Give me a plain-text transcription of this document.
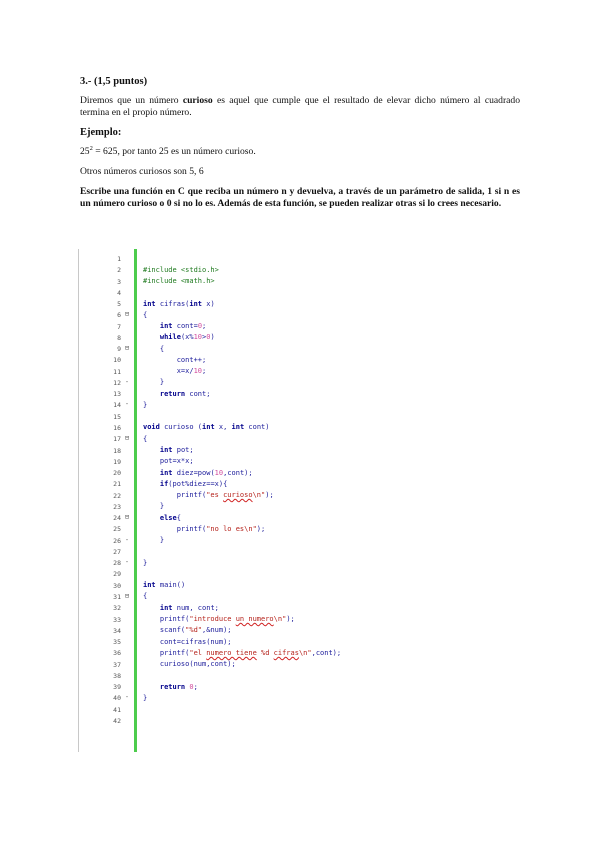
3.- (1,5 puntos)

Diremos que un número curioso es aquel que cumple que el resultado de elevar dicho número al cuadrado termina en el propio número.

Ejemplo:

$25^2 = 625$, por tanto 25 es un número curioso.

Otros números curiosos son 5, 6

Escribe una función en C que reciba un número n y devuelva, a través de un parámetro de salida, 1 si n es un número curioso o 0 si no lo es. Además de esta función, se pueden realizar otras si lo crees necesario.

1
2	#include <stdio.h>
3	#include <math.h>
4
5	int cifras(int x)
6 ⊟ {
7	int cont=0;
8	while(x%10>0)
9 ⊟ {
10	cont++;
11	x=x/10;
12 - }
13	return cont;
14 - }
15
16	void curioso (int x, int cont)
17 ⊟ {
18	int pot;
19	pot=x*x;
20	int diez=pow(10,cont);
21	if(pot%diez==x){
22	printf("es curioso\n");
23	}
24 ⊟	else{
25	printf("no lo es\n");
26 - }
27
28 - }
29
30	int main()
31 ⊟ {
32	int num, cont;
33	printf("introduce un numero\n");
34	scanf("%d",&num);
35	cont=cifras(num);
36	printf("el numero tiene %d cifras\n",cont);
37	curioso(num,cont);
38
39	return 0;
40 - }
41
42
